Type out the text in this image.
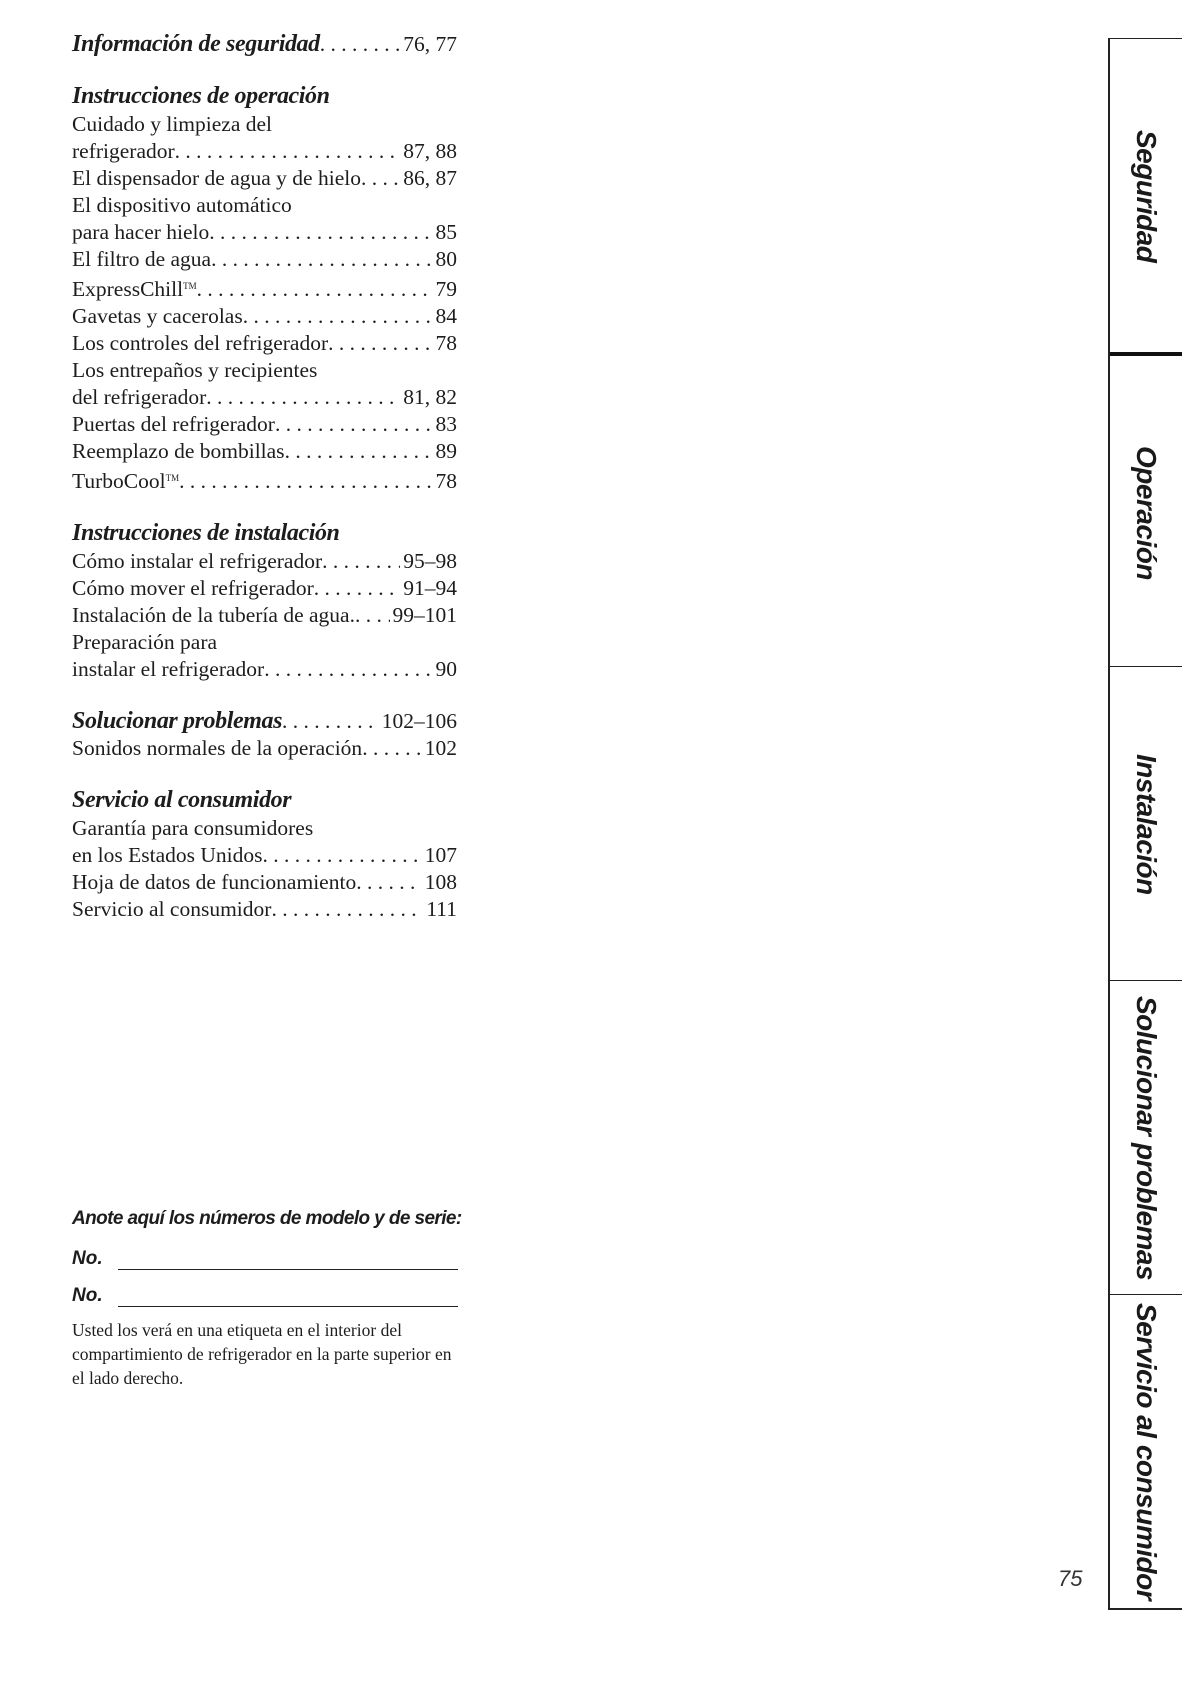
Información de seguridad . . .	76, 77
Instrucciones de operación
Cuidado y limpieza del
refrigerador . . .	87, 88
El dispensador de agua y de hielo . . . 86, 87
El dispositivo automático
para hacer hielo . . .	85
El filtro de agua . . .	80
ExpressChill™ . . .	79
Gavetas y cacerolas . . .	84
Los controles del refrigerador . . .	78
Los entrepaños y recipientes
del refrigerador . . .	81, 82
Puertas del refrigerador . . .	83
Reemplazo de bombillas . . .	89
TurboCool™ . . .	78
Instrucciones de instalación
Cómo instalar el refrigerador . . .	95–98
Cómo mover el refrigerador . . .	91–94
Instalación de la tubería de agua. . . . 99–101
Preparación para
instalar el refrigerador . . .	90
Solucionar problemas . . .	102–106
Sonidos normales de la operación . . .	102
Servicio al consumidor
Garantía para consumidores
en los Estados Unidos . . .	107
Hoja de datos de funcionamiento . . .	108
Servicio al consumidor . . .	111
Anote aquí los números de modelo y de serie:
No.
No.
Usted los verá en una etiqueta en el interior del compartimiento de refrigerador en la parte superior en el lado derecho.
Seguridad
Operación
Instalación
Solucionar problemas
Servicio al consumidor
75
